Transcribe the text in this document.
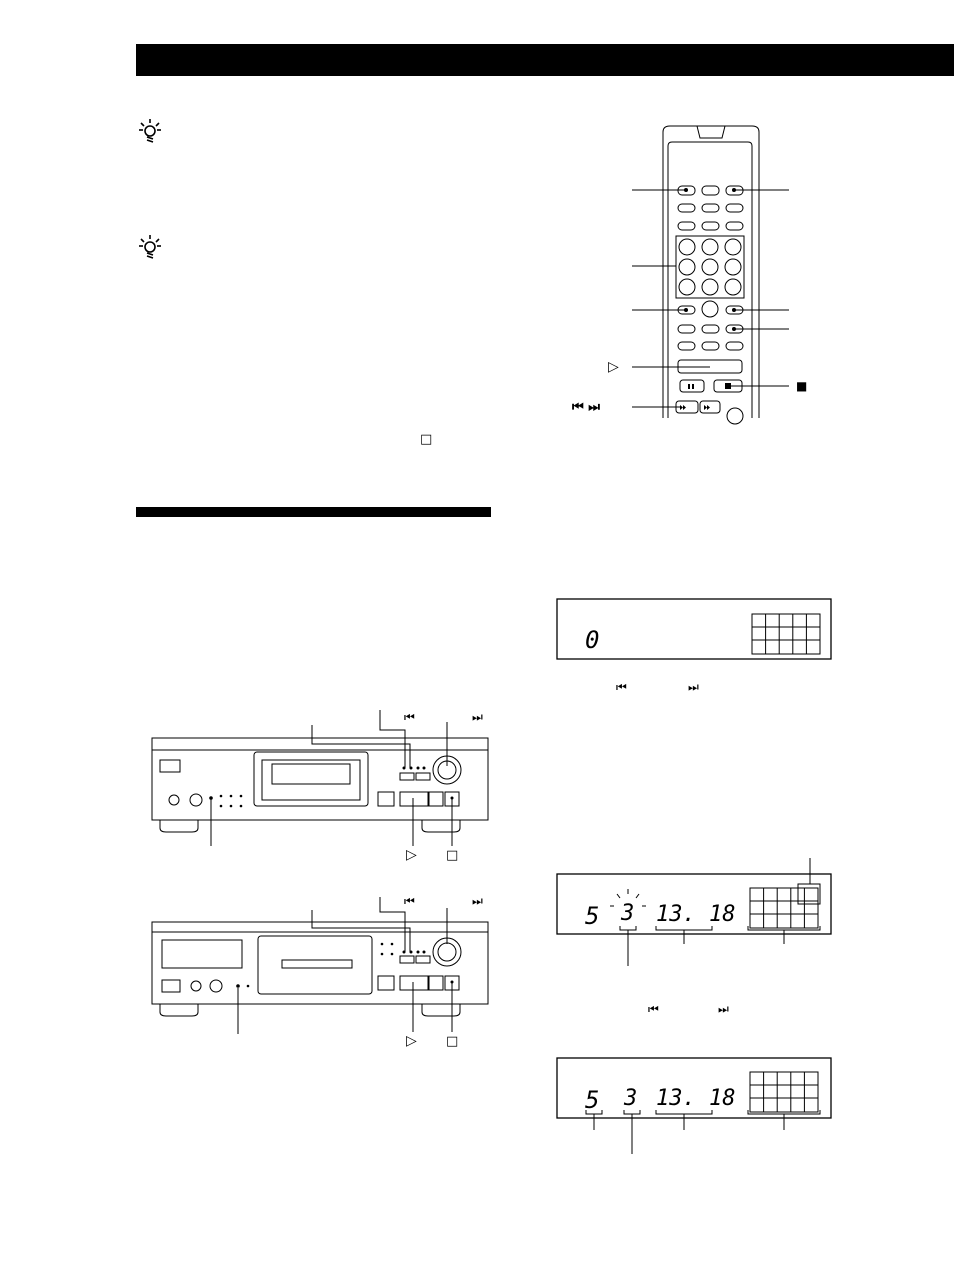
□
▷
■
⏮ ⏭
⏮	⏭
▷ □
⏮	⏭
▷ □
0
⏮	⏭
5 3 13. 18
⏮	⏭
5 3 13. 18
